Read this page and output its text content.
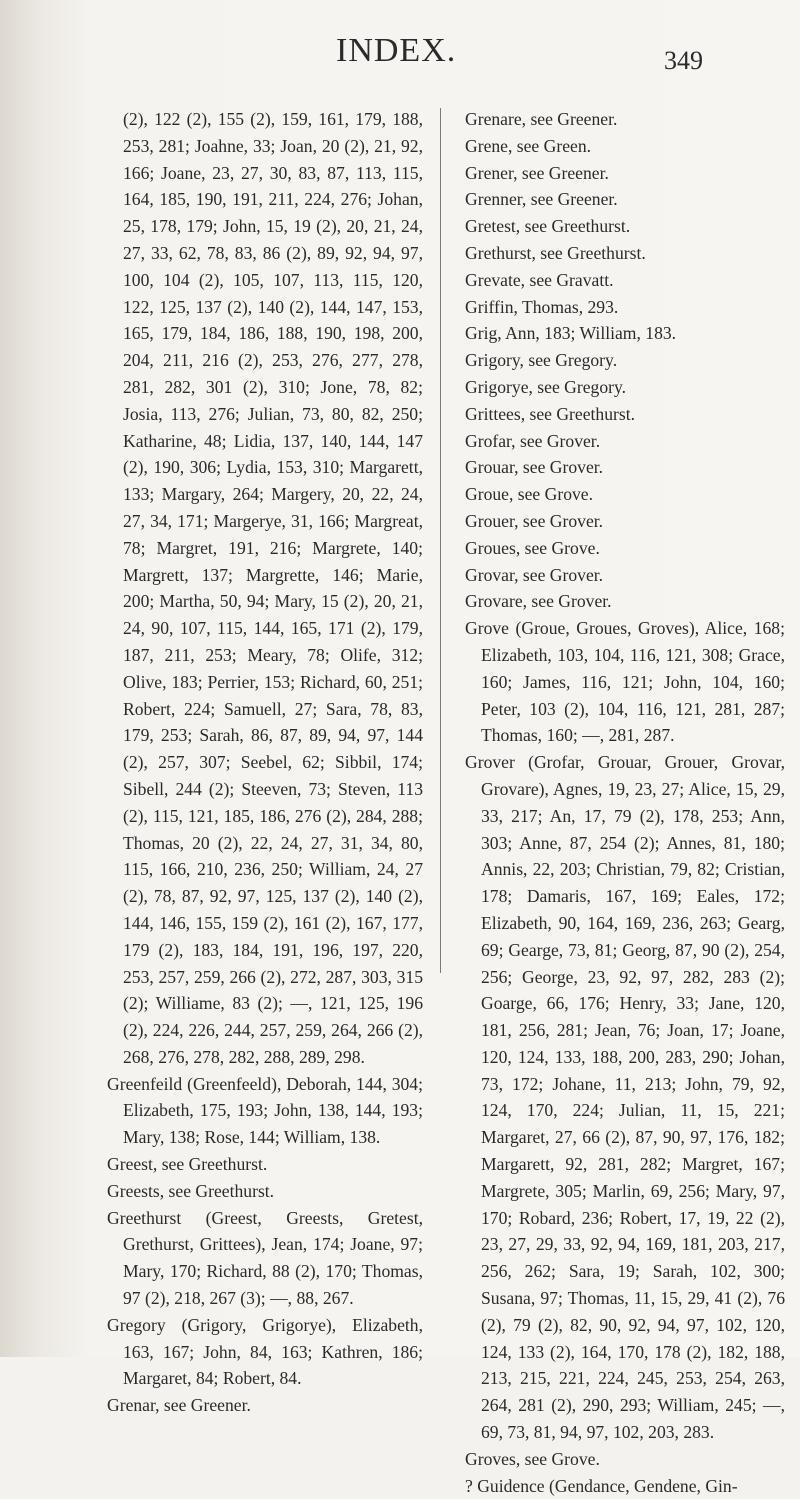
INDEX.	349

(2), 122 (2), 155 (2), 159, 161, 179, 188, 253, 281; Joahne, 33; Joan, 20 (2), 21, 92, 166; Joane, 23, 27, 30, 83, 87, 113, 115, 164, 185, 190, 191, 211, 224, 276; Johan, 25, 178, 179; John, 15, 19 (2), 20, 21, 24, 27, 33, 62, 78, 83, 86 (2), 89, 92, 94, 97, 100, 104 (2), 105, 107, 113, 115, 120, 122, 125, 137 (2), 140 (2), 144, 147, 153, 165, 179, 184, 186, 188, 190, 198, 200, 204, 211, 216 (2), 253, 276, 277, 278, 281, 282, 301 (2), 310; Jone, 78, 82; Josia, 113, 276; Julian, 73, 80, 82, 250; Katharine, 48; Lidia, 137, 140, 144, 147 (2), 190, 306; Lydia, 153, 310; Margarett, 133; Margary, 264; Margery, 20, 22, 24, 27, 34, 171; Margerye, 31, 166; Margreat, 78; Margret, 191, 216; Margrete, 140; Margrett, 137; Margrette, 146; Marie, 200; Martha, 50, 94; Mary, 15 (2), 20, 21, 24, 90, 107, 115, 144, 165, 171 (2), 179, 187, 211, 253; Meary, 78; Olife, 312; Olive, 183; Perrier, 153; Richard, 60, 251; Robert, 224; Samuell, 27; Sara, 78, 83, 179, 253; Sarah, 86, 87, 89, 94, 97, 144 (2), 257, 307; Seebel, 62; Sibbil, 174; Sibell, 244 (2); Steeven, 73; Steven, 113 (2), 115, 121, 185, 186, 276 (2), 284, 288; Thomas, 20 (2), 22, 24, 27, 31, 34, 80, 115, 166, 210, 236, 250; William, 24, 27 (2), 78, 87, 92, 97, 125, 137 (2), 140 (2), 144, 146, 155, 159 (2), 161 (2), 167, 177, 179 (2), 183, 184, 191, 196, 197, 220, 253, 257, 259, 266 (2), 272, 287, 303, 315 (2); Williame, 83 (2); —, 121, 125, 196 (2), 224, 226, 244, 257, 259, 264, 266 (2), 268, 276, 278, 282, 288, 289, 298.

Greenfeild (Greenfeeld), Deborah, 144, 304; Elizabeth, 175, 193; John, 138, 144, 193; Mary, 138; Rose, 144; William, 138.

Greest, see Greethurst.

Greests, see Greethurst.

Greethurst (Greest, Greests, Gretest, Grethurst, Grittees), Jean, 174; Joane, 97; Mary, 170; Richard, 88 (2), 170; Thomas, 97 (2), 218, 267 (3); —, 88, 267.

Gregory (Grigory, Grigorye), Elizabeth, 163, 167; John, 84, 163; Kathren, 186; Margaret, 84; Robert, 84.

Grenar, see Greener.

Grenare, see Greener.

Grene, see Green.

Grener, see Greener.

Grenner, see Greener.

Gretest, see Greethurst.

Grethurst, see Greethurst.

Grevate, see Gravatt.

Griffin, Thomas, 293.

Grig, Ann, 183; William, 183.

Grigory, see Gregory.

Grigorye, see Gregory.

Grittees, see Greethurst.

Grofar, see Grover.

Grouar, see Grover.

Groue, see Grove.

Grouer, see Grover.

Groues, see Grove.

Grovar, see Grover.

Grovare, see Grover.

Grove (Groue, Groues, Groves), Alice, 168; Elizabeth, 103, 104, 116, 121, 308; Grace, 160; James, 116, 121; John, 104, 160; Peter, 103 (2), 104, 116, 121, 281, 287; Thomas, 160; —, 281, 287.

Grover (Grofar, Grouar, Grouer, Grovar, Grovare), Agnes, 19, 23, 27; Alice, 15, 29, 33, 217; An, 17, 79 (2), 178, 253; Ann, 303; Anne, 87, 254 (2); Annes, 81, 180; Annis, 22, 203; Christian, 79, 82; Cristian, 178; Damaris, 167, 169; Eales, 172; Elizabeth, 90, 164, 169, 236, 263; Gearg, 69; Gearge, 73, 81; Georg, 87, 90 (2), 254, 256; George, 23, 92, 97, 282, 283 (2); Goarge, 66, 176; Henry, 33; Jane, 120, 181, 256, 281; Jean, 76; Joan, 17; Joane, 120, 124, 133, 188, 200, 283, 290; Johan, 73, 172; Johane, 11, 213; John, 79, 92, 124, 170, 224; Julian, 11, 15, 221; Margaret, 27, 66 (2), 87, 90, 97, 176, 182; Margarett, 92, 281, 282; Margret, 167; Margrete, 305; Marlin, 69, 256; Mary, 97, 170; Robard, 236; Robert, 17, 19, 22 (2), 23, 27, 29, 33, 92, 94, 169, 181, 203, 217, 256, 262; Sara, 19; Sarah, 102, 300; Susana, 97; Thomas, 11, 15, 29, 41 (2), 76 (2), 79 (2), 82, 90, 92, 94, 97, 102, 120, 124, 133 (2), 164, 170, 178 (2), 182, 188, 213, 215, 221, 224, 245, 253, 254, 263, 264, 281 (2), 290, 293; William, 245; —, 69, 73, 81, 94, 97, 102, 203, 283.

Groves, see Grove.

? Guidence (Gendance, Gendene, Gin-
